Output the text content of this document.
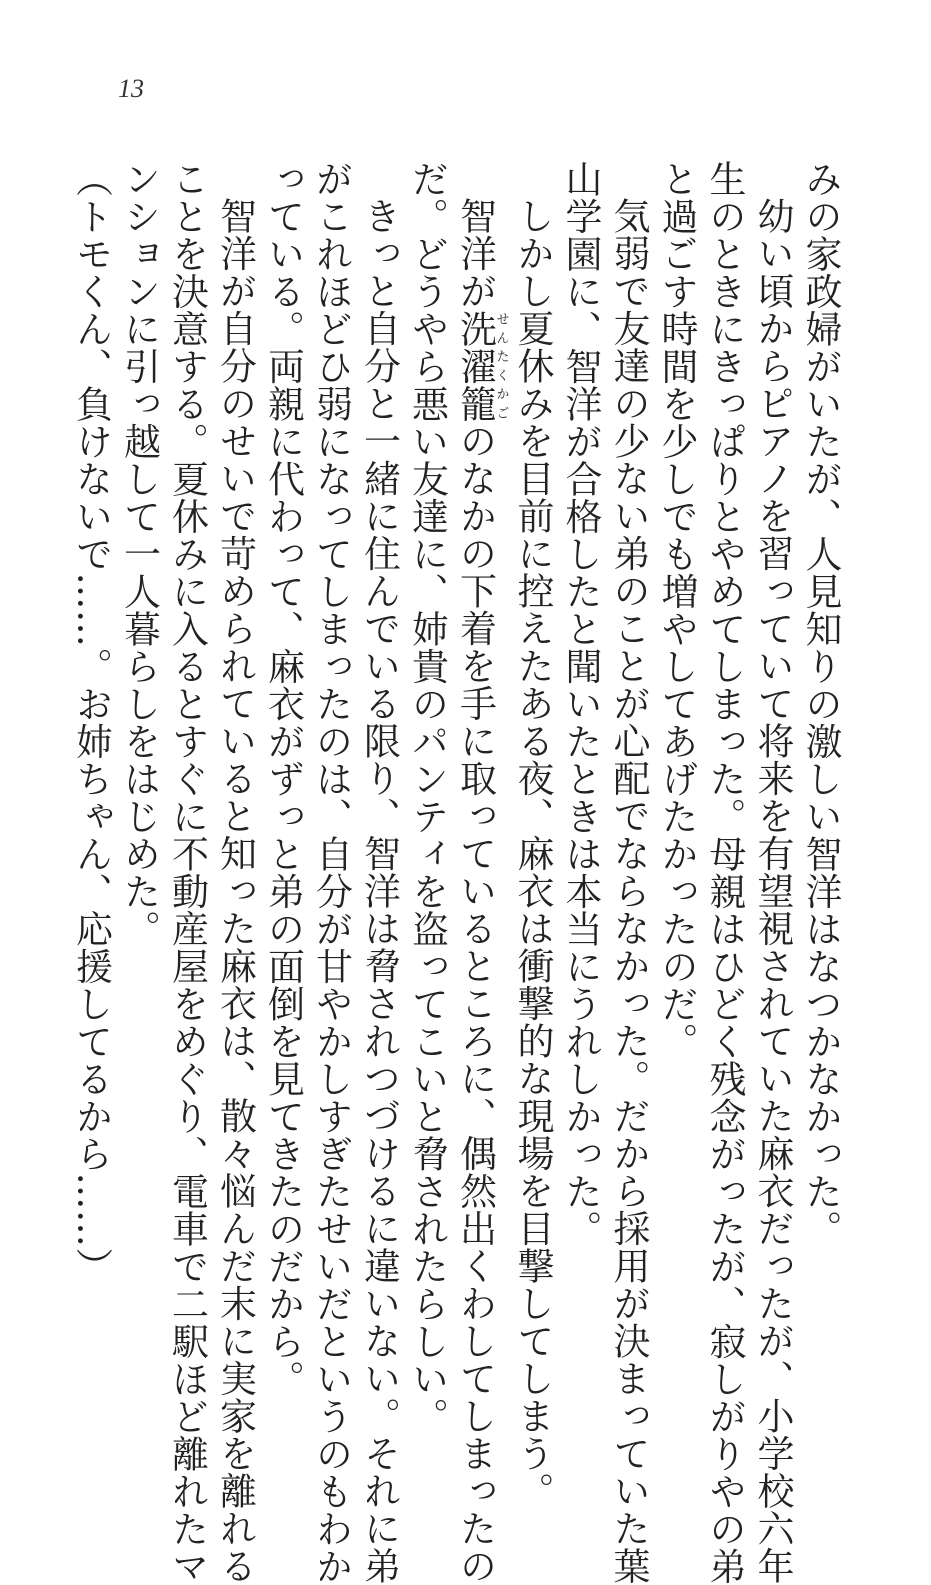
13
みの家政婦がいたが、人見知りの激しい智洋はなつかなかった。
幼い頃からピアノを習っていて将来を有望視されていた麻衣だったが、小学校六年
生のときにきっぱりとやめてしまった。母親はひどく残念がったが、寂しがりやの弟
と過ごす時間を少しでも増やしてあげたかったのだ。
気弱で友達の少ない弟のことが心配でならなかった。だから採用が決まっていた葉
山学園に、智洋が合格したと聞いたときは本当にうれしかった。
しかし夏休みを目前に控えたある夜、麻衣は衝撃的な現場を目撃してしまう。
智洋が洗濯籠せんたくかごのなかの下着を手に取っているところに、偶然出くわしてしまったの
だ。どうやら悪い友達に、姉貴のパンティを盗ってこいと脅されたらしい。
きっと自分と一緒に住んでいる限り、智洋は脅されつづけるに違いない。それに弟
がこれほどひ弱になってしまったのは、自分が甘やかしすぎたせいだというのもわか
っている。両親に代わって、麻衣がずっと弟の面倒を見てきたのだから。
智洋が自分のせいで苛められていると知った麻衣は、散々悩んだ末に実家を離れる
ことを決意する。夏休みに入るとすぐに不動産屋をめぐり、電車で二駅ほど離れたマ
ンションに引っ越して一人暮らしをはじめた。
（トモくん、負けないで……。お姉ちゃん、応援してるから……）
